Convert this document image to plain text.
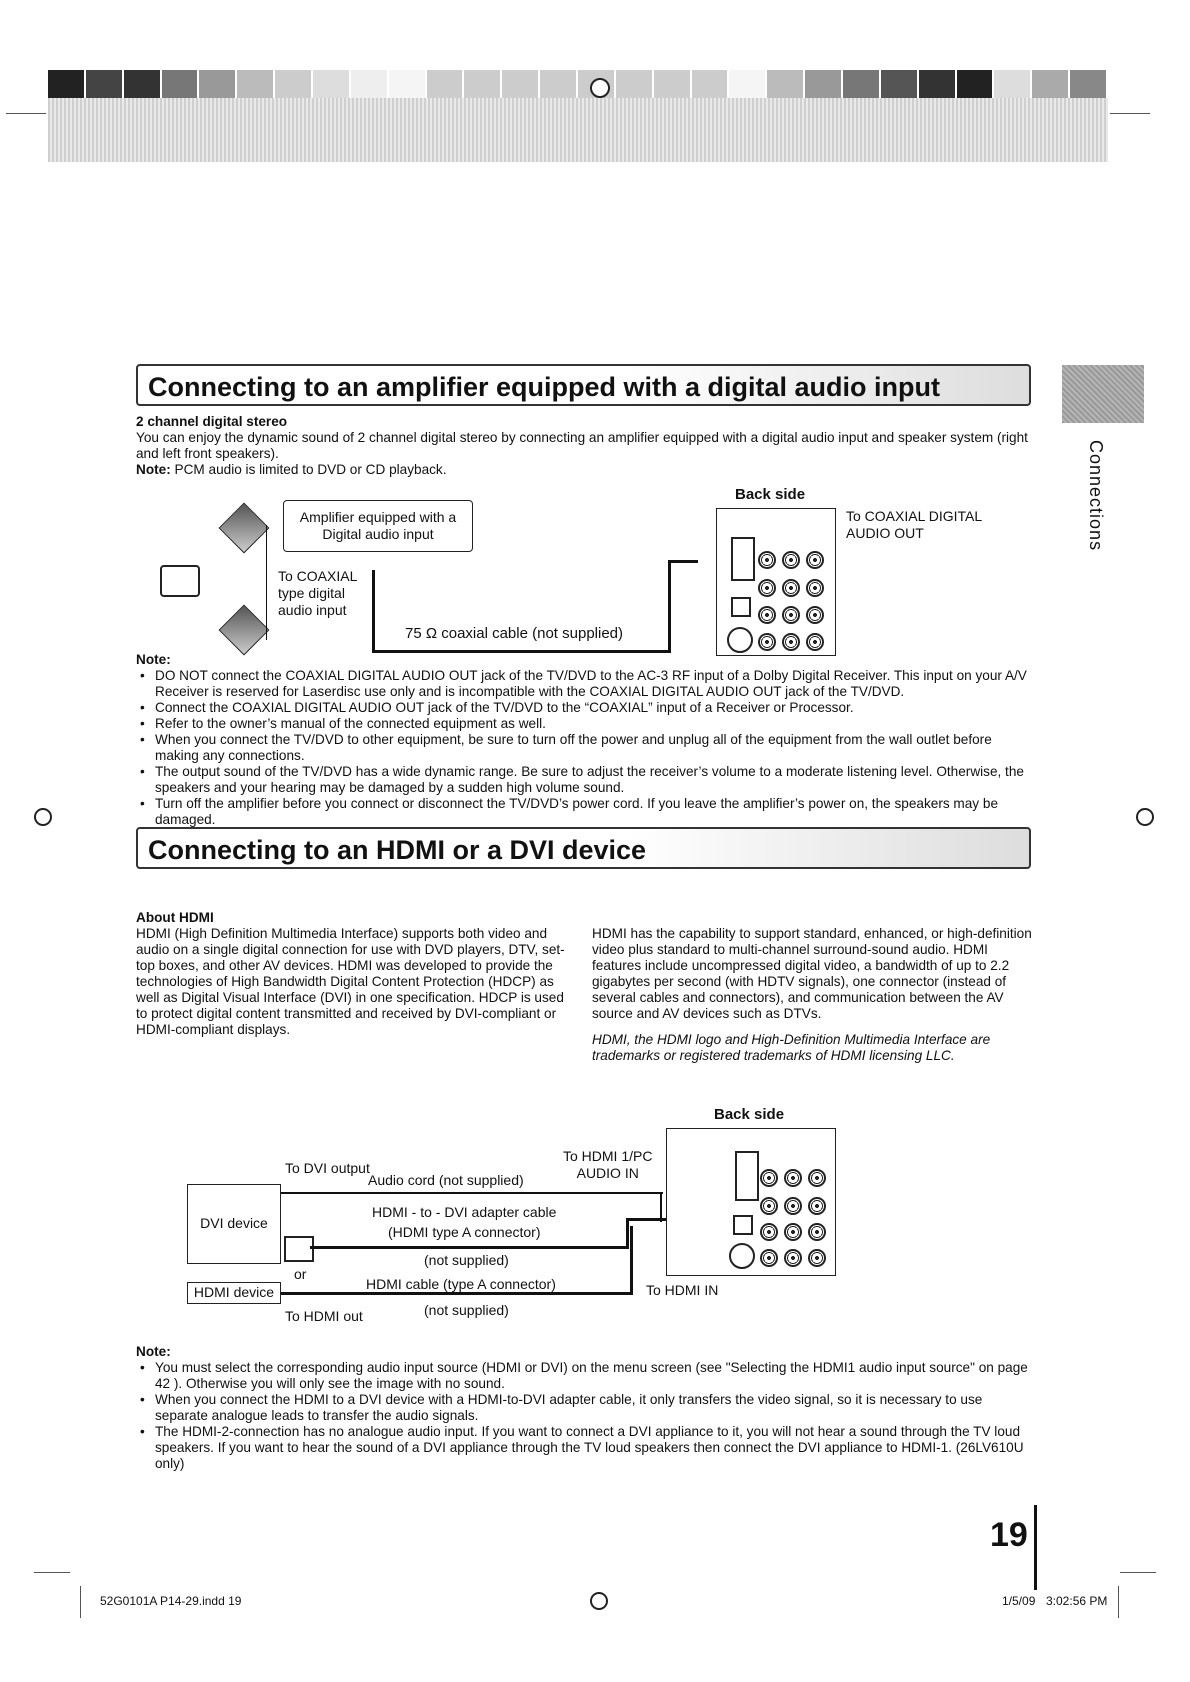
Connections
Connecting to an amplifier equipped with a digital audio input
2 channel digital stereo
You can enjoy the dynamic sound of 2 channel digital stereo by connecting an amplifier equipped with a digital audio input and speaker system (right and left front speakers).
Note: PCM audio is limited to DVD or CD playback.
Back side
Amplifier equipped with a
Digital audio input
To COAXIAL
type digital
audio input
75 Ω coaxial cable (not supplied)
To COAXIAL DIGITAL
AUDIO OUT
Note:
• DO NOT connect the COAXIAL DIGITAL AUDIO OUT jack of the TV/DVD to the AC-3 RF input of a Dolby Digital Receiver. This input on your A/V Receiver is reserved for Laserdisc use only and is incompatible with the COAXIAL DIGITAL AUDIO OUT jack of the TV/DVD.
• Connect the COAXIAL DIGITAL AUDIO OUT jack of the TV/DVD to the “COAXIAL” input of a Receiver or Processor.
• Refer to the owner’s manual of the connected equipment as well.
• When you connect the TV/DVD to other equipment, be sure to turn off the power and unplug all of the equipment from the wall outlet before making any connections.
• The output sound of the TV/DVD has a wide dynamic range. Be sure to adjust the receiver’s volume to a moderate listening level. Otherwise, the speakers and your hearing may be damaged by a sudden high volume sound.
• Turn off the amplifier before you connect or disconnect the TV/DVD’s power cord. If you leave the amplifier’s power on, the speakers may be damaged.
Connecting to an HDMI or a DVI device
About HDMI
HDMI (High Definition Multimedia Interface) supports both video and audio on a single digital connection for use with DVD players, DTV, set-top boxes, and other AV devices. HDMI was developed to provide the technologies of High Bandwidth Digital Content Protection (HDCP) as well as Digital Visual Interface (DVI) in one specification. HDCP is used to protect digital content transmitted and received by DVI-compliant or HDMI-compliant displays.
HDMI has the capability to support standard, enhanced, or high-definition video plus standard to multi-channel surround-sound audio. HDMI features include uncompressed digital video, a bandwidth of up to 2.2 gigabytes per second (with HDTV signals), one connector (instead of several cables and connectors), and communication between the AV source and AV devices such as DTVs.
HDMI, the HDMI logo and High-Definition Multimedia Interface are trademarks or registered trademarks of HDMI licensing LLC.
Back side
To DVI output
Audio cord (not supplied)
To HDMI 1/PC
AUDIO IN
DVI device
HDMI - to - DVI adapter cable
(HDMI type A connector)
(not supplied)
or
HDMI cable (type A connector)
HDMI device
(not supplied)
To HDMI out
To HDMI IN
Note:
• You must select the corresponding audio input source (HDMI or DVI) on the menu screen (see "Selecting the HDMI1 audio input source" on page 42 ). Otherwise you will only see the image with no sound.
• When you connect the HDMI to a DVI device with a HDMI-to-DVI adapter cable, it only transfers the video signal, so it is necessary to use separate analogue leads to transfer the audio signals.
• The HDMI-2-connection has no analogue audio input. If you want to connect a DVI appliance to it, you will not hear a sound through the TV loud speakers. If you want to hear the sound of a DVI appliance through the TV loud speakers then connect the DVI appliance to HDMI-1. (26LV610U only)
19
52G0101A P14-29.indd 19	1/5/09 3:02:56 PM
